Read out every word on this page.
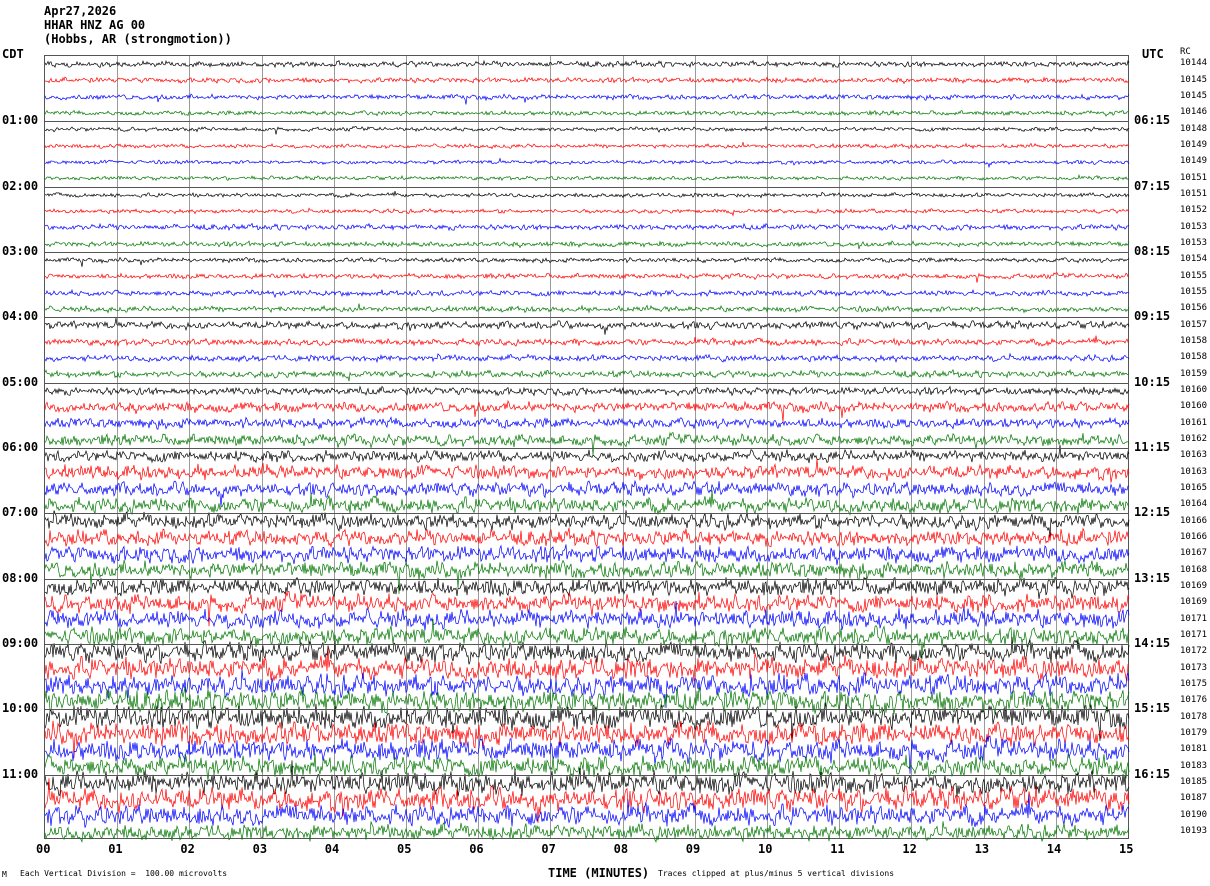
Apr27,2026
HHAR HNZ AG 00
(Hobbs, AR (strongmotion))
CDT	UTC
01:00
02:00
03:00
04:00
05:00
06:00
07:00
08:00
09:00
10:00
11:00
06:15
07:15
08:15
09:15
10:15
11:15
12:15
13:15
14:15
15:15
16:15
RC
10144
10145
10145
10146
10148
10149
10149
10151
10151
10152
10153
10153
10154
10155
10155
10156
10157
10158
10158
10159
10160
10160
10161
10162
10163
10163
10165
10164
10166
10166
10167
10168
10169
10169
10171
10171
10172
10173
10175
10176
10178
10179
10181
10183
10185
10187
10190
10193
00	01	02	03	04	05	06	07	08	09	10	11	12	13	14	15
TIME (MINUTES)
M Each Vertical Division =  100.00 microvolts	Traces clipped at plus/minus 5 vertical divisions
